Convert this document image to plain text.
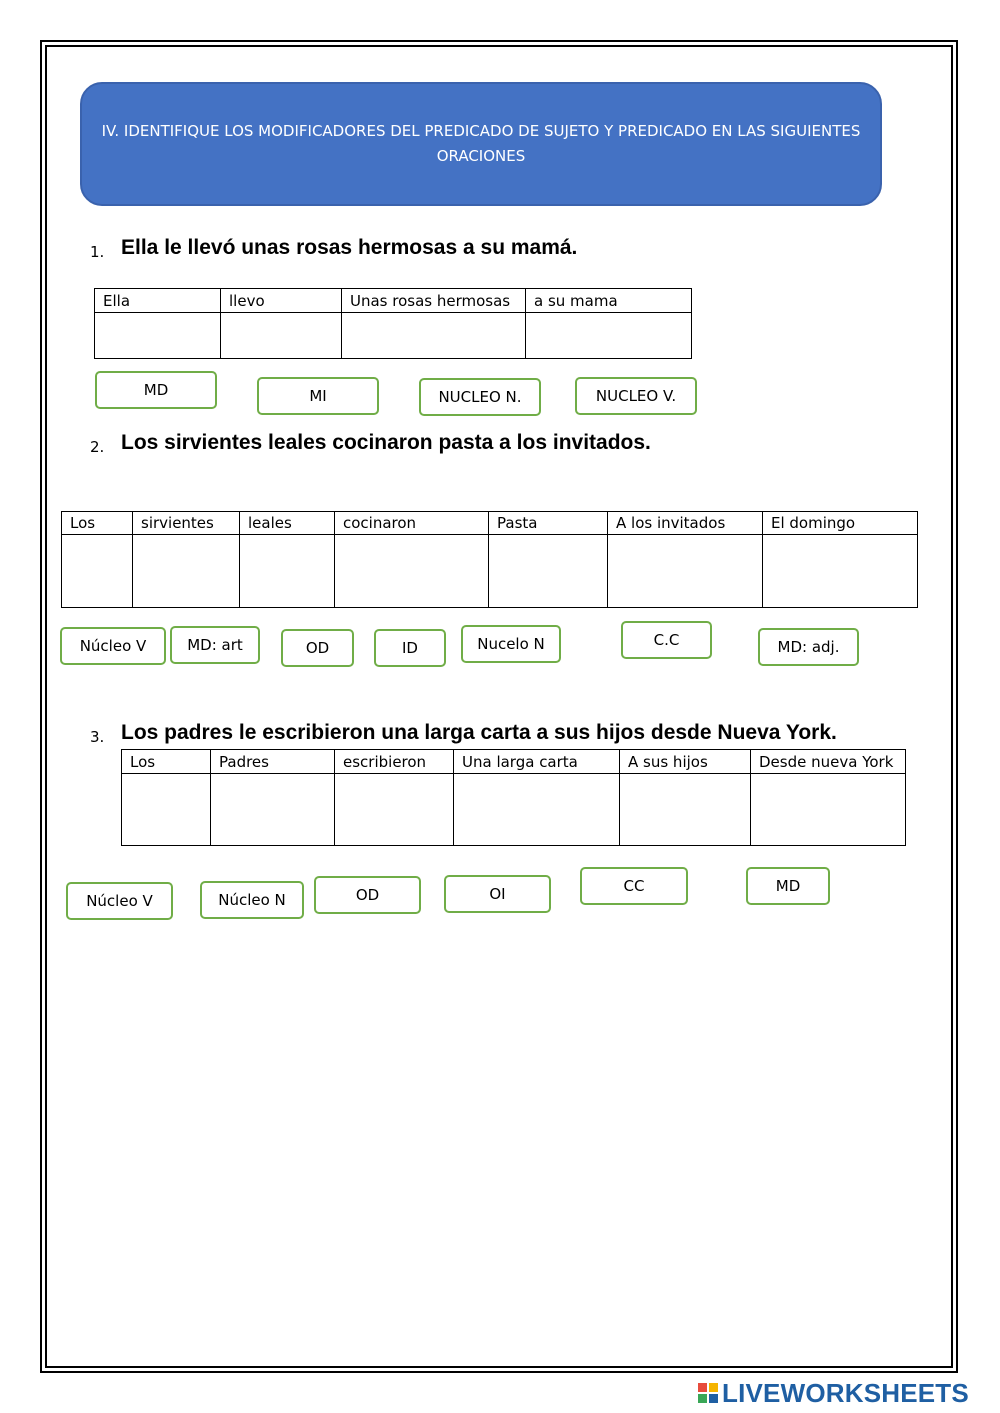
IV. IDENTIFIQUE LOS MODIFICADORES DEL PREDICADO DE SUJETO Y PREDICADO EN LAS SIGUIENTES ORACIONES
1. Ella le llevó unas rosas hermosas a su mamá.
Ella	llevo	Unas rosas hermosas	a su mama

MD	MI	NUCLEO N.	NUCLEO V.
2. Los sirvientes leales cocinaron pasta a los invitados.
Los	sirvientes	leales	cocinaron	Pasta	A los invitados	El domingo

Núcleo V	MD: art	OD	ID	Nucelo N	C.C	MD: adj.
3. Los padres le escribieron una larga carta a sus hijos desde Nueva York.
Los	Padres	escribieron	Una larga carta	A sus hijos	Desde nueva York

Núcleo V	Núcleo N	OD	OI	CC	MD
LIVEWORKSHEETS
